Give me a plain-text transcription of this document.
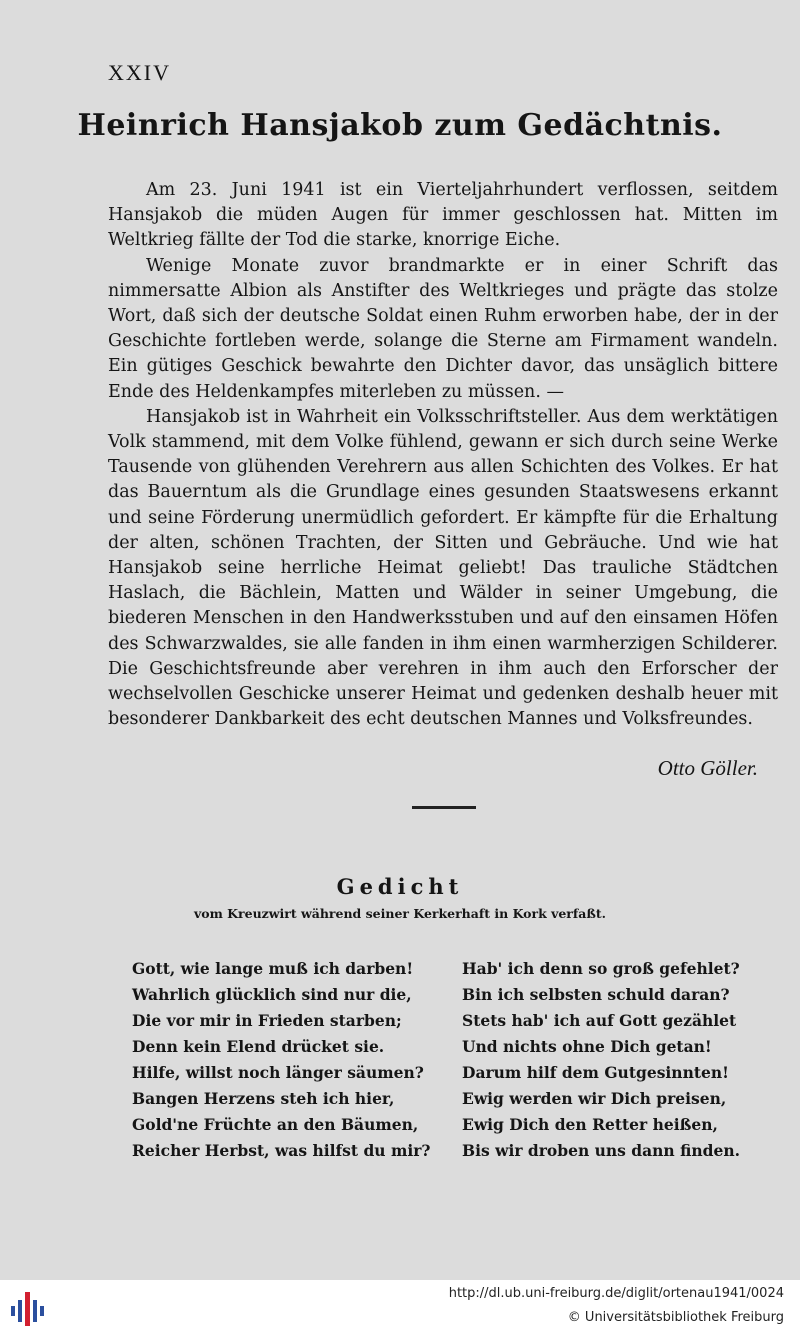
XXIV
Heinrich Hansjakob zum Gedächtnis.

Am 23. Juni 1941 ist ein Vierteljahrhundert verflossen, seitdem Hansjakob die müden Augen für immer geschlossen hat. Mitten im Weltkrieg fällte der Tod die starke, knorrige Eiche.

Wenige Monate zuvor brandmarkte er in einer Schrift das nimmersatte Albion als Anstifter des Weltkrieges und prägte das stolze Wort, daß sich der deutsche Soldat einen Ruhm erworben habe, der in der Geschichte fortleben werde, solange die Sterne am Firmament wandeln. Ein gütiges Geschick bewahrte den Dichter davor, das unsäglich bittere Ende des Heldenkampfes miterleben zu müssen. —

Hansjakob ist in Wahrheit ein Volksschriftsteller. Aus dem werktätigen Volk stammend, mit dem Volke fühlend, gewann er sich durch seine Werke Tausende von glühenden Verehrern aus allen Schichten des Volkes. Er hat das Bauerntum als die Grundlage eines gesunden Staatswesens erkannt und seine Förderung unermüdlich gefordert. Er kämpfte für die Erhaltung der alten, schönen Trachten, der Sitten und Gebräuche. Und wie hat Hansjakob seine herrliche Heimat geliebt! Das trauliche Städtchen Haslach, die Bächlein, Matten und Wälder in seiner Umgebung, die biederen Menschen in den Handwerksstuben und auf den einsamen Höfen des Schwarzwaldes, sie alle fanden in ihm einen warmherzigen Schilderer. Die Geschichtsfreunde aber verehren in ihm auch den Erforscher der wechselvollen Geschicke unserer Heimat und gedenken deshalb heuer mit besonderer Dankbarkeit des echt deutschen Mannes und Volksfreundes.

Otto Göller.
Gedicht
vom Kreuzwirt während seiner Kerkerhaft in Kork verfaßt.
Gott, wie lange muß ich darben!
Wahrlich glücklich sind nur die,
Die vor mir in Frieden starben;
Denn kein Elend drücket sie.
Hilfe, willst noch länger säumen?
Bangen Herzens steh ich hier,
Gold'ne Früchte an den Bäumen,
Reicher Herbst, was hilfst du mir?
Hab' ich denn so groß gefehlet?
Bin ich selbsten schuld daran?
Stets hab' ich auf Gott gezählet
Und nichts ohne Dich getan!
Darum hilf dem Gutgesinnten!
Ewig werden wir Dich preisen,
Ewig Dich den Retter heißen,
Bis wir droben uns dann finden.
http://dl.ub.uni-freiburg.de/diglit/ortenau1941/0024
© Universitätsbibliothek Freiburg
